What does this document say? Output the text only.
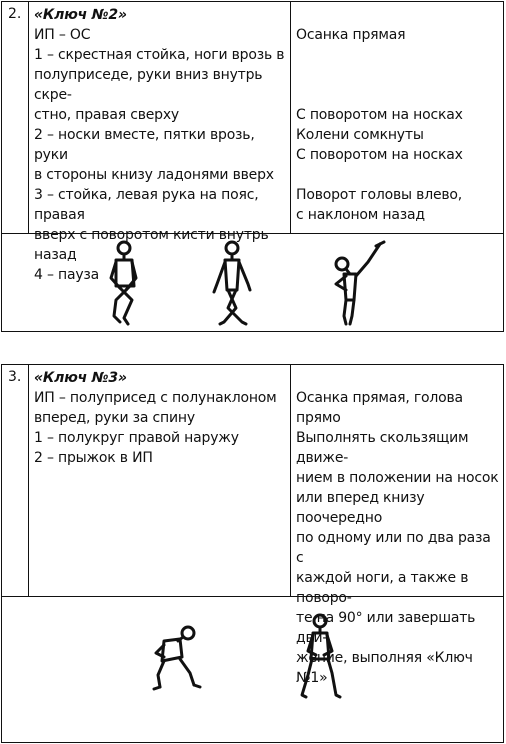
2. «Ключ №2»
ИП – ОС
1 – скрестная стойка, ноги врозь в
полуприседе, руки вниз внутрь скре-
стно, правая сверху
2 – носки вместе, пятки врозь, руки
в стороны книзу ладонями вверх
3 – стойка, левая рука на пояс, правая
вверх с поворотом кисти внутрь назад
4 – пауза
Осанка прямая
С поворотом на носках
Колени сомкнуты
С поворотом на носках
Поворот головы влево,
с наклоном назад
3. «Ключ №3»
ИП – полуприсед с полунаклоном
вперед, руки за спину
1 – полукруг правой наружу
2 – прыжок в ИП
Осанка прямая, голова прямо
Выполнять скользящим движе-
нием в положении на носок
или вперед книзу поочередно
по одному или по два раза с
каждой ноги, а также в поворо-
те на 90° или завершать дви-
жение, выполняя «Ключ №1»
